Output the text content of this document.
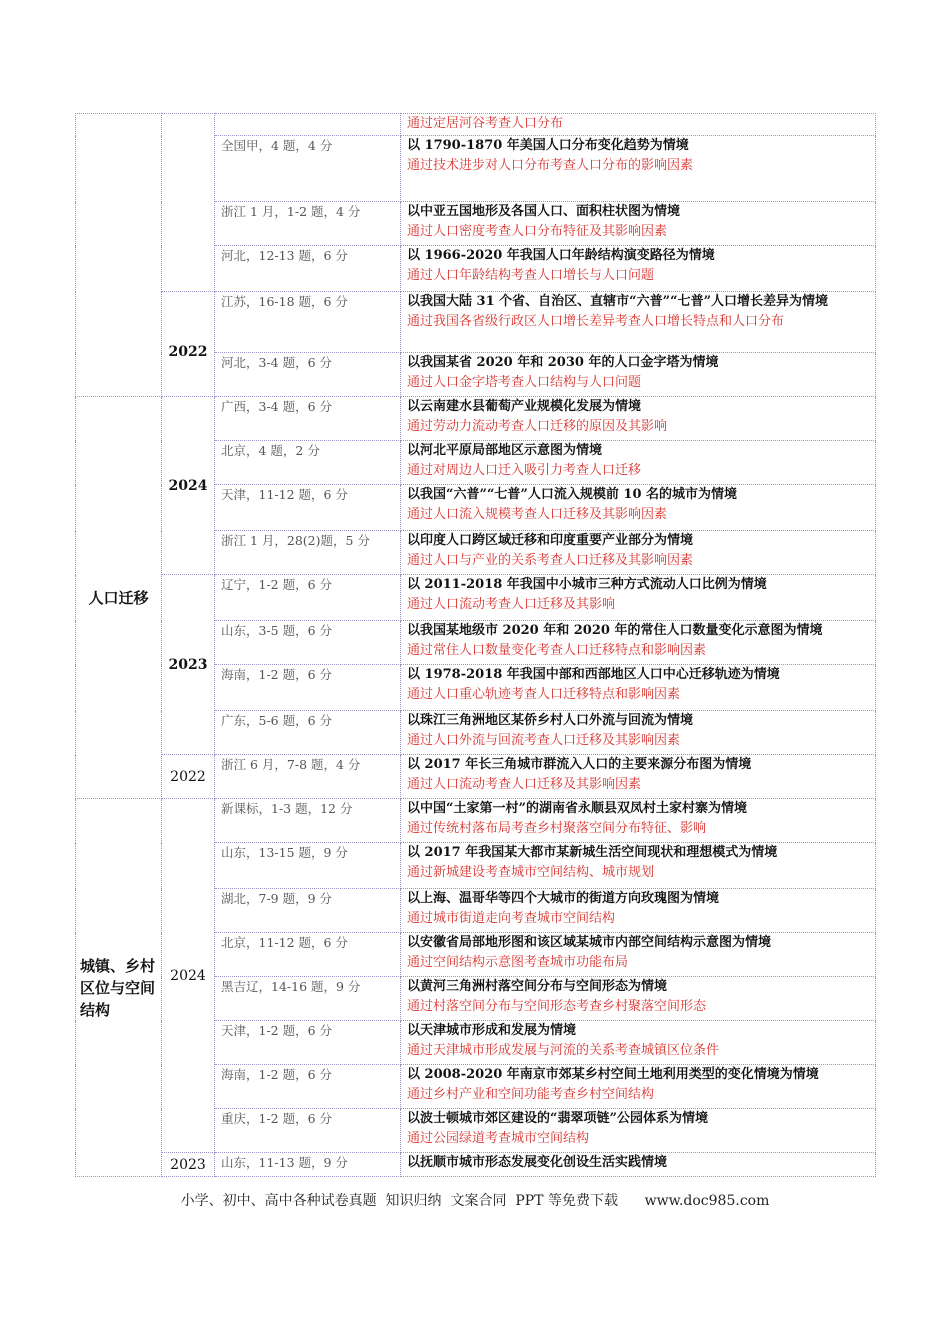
			通过定居河谷考查人口分布

		全国甲，4 题，4 分	以 1790-1870 年美国人口分布变化趋势为情境
通过技术进步对人口分布考查人口分布的影响因素

		浙江 1 月，1-2 题，4 分	以中亚五国地形及各国人口、面积柱状图为情境
通过人口密度考查人口分布特征及其影响因素

		河北，12-13 题，6 分	以 1966-2020 年我国人口年龄结构演变路径为情境
通过人口年龄结构考查人口增长与人口问题

	2022	江苏，16-18 题，6 分	以我国大陆 31 个省、自治区、直辖市“六普”“七普”人口增长差异为情境
通过我国各省级行政区人口增长差异考查人口增长特点和人口分布

		河北，3-4 题，6 分	以我国某省 2020 年和 2030 年的人口金字塔为情境
通过人口金字塔考查人口结构与人口问题

人口迁移	2024	广西，3-4 题，6 分	以云南建水县葡萄产业规模化发展为情境
通过劳动力流动考查人口迁移的原因及其影响

		北京，4 题，2 分	以河北平原局部地区示意图为情境
通过对周边人口迁入吸引力考查人口迁移

		天津，11-12 题，6 分	以我国“六普”“七普”人口流入规模前 10 名的城市为情境
通过人口流入规模考查人口迁移及其影响因素

		浙江 1 月，28(2)题，5 分	以印度人口跨区域迁移和印度重要产业部分为情境
通过人口与产业的关系考查人口迁移及其影响因素

	2023	辽宁，1-2 题，6 分	以 2011-2018 年我国中小城市三种方式流动人口比例为情境
通过人口流动考查人口迁移及其影响

		山东，3-5 题，6 分	以我国某地级市 2020 年和 2020 年的常住人口数量变化示意图为情境
通过常住人口数量变化考查人口迁移特点和影响因素

		海南，1-2 题，6 分	以 1978-2018 年我国中部和西部地区人口中心迁移轨迹为情境
通过人口重心轨迹考查人口迁移特点和影响因素

		广东，5-6 题，6 分	以珠江三角洲地区某侨乡村人口外流与回流为情境
通过人口外流与回流考查人口迁移及其影响因素

	2022	浙江 6 月，7-8 题，4 分	以 2017 年长三角城市群流入人口的主要来源分布图为情境
通过人口流动考查人口迁移及其影响因素

城镇、乡村区位与空间结构	2024	新课标，1-3 题，12 分	以中国“土家第一村”的湖南省永顺县双凤村土家村寨为情境
通过传统村落布局考查乡村聚落空间分布特征、影响

		山东，13-15 题，9 分	以 2017 年我国某大都市某新城生活空间现状和理想模式为情境
通过新城建设考查城市空间结构、城市规划

		湖北，7-9 题，9 分	以上海、温哥华等四个大城市的街道方向玫瑰图为情境
通过城市街道走向考查城市空间结构

		北京，11-12 题，6 分	以安徽省局部地形图和该区域某城市内部空间结构示意图为情境
通过空间结构示意图考查城市功能布局

		黑吉辽，14-16 题，9 分	以黄河三角洲村落空间分布与空间形态为情境
通过村落空间分布与空间形态考查乡村聚落空间形态

		天津，1-2 题，6 分	以天津城市形成和发展为情境
通过天津城市形成发展与河流的关系考查城镇区位条件

		海南，1-2 题，6 分	以 2008-2020 年南京市郊某乡村空间土地利用类型的变化情境为情境
通过乡村产业和空间功能考查乡村空间结构

		重庆，1-2 题，6 分	以波士顿城市郊区建设的“翡翠项链”公园体系为情境
通过公园绿道考查城市空间结构

	2023	山东，11-13 题，9 分	以抚顺市城市形态发展变化创设生活实践情境
小学、初中、高中各种试卷真题  知识归纳  文案合同  PPT 等免费下载 www.doc985.com
